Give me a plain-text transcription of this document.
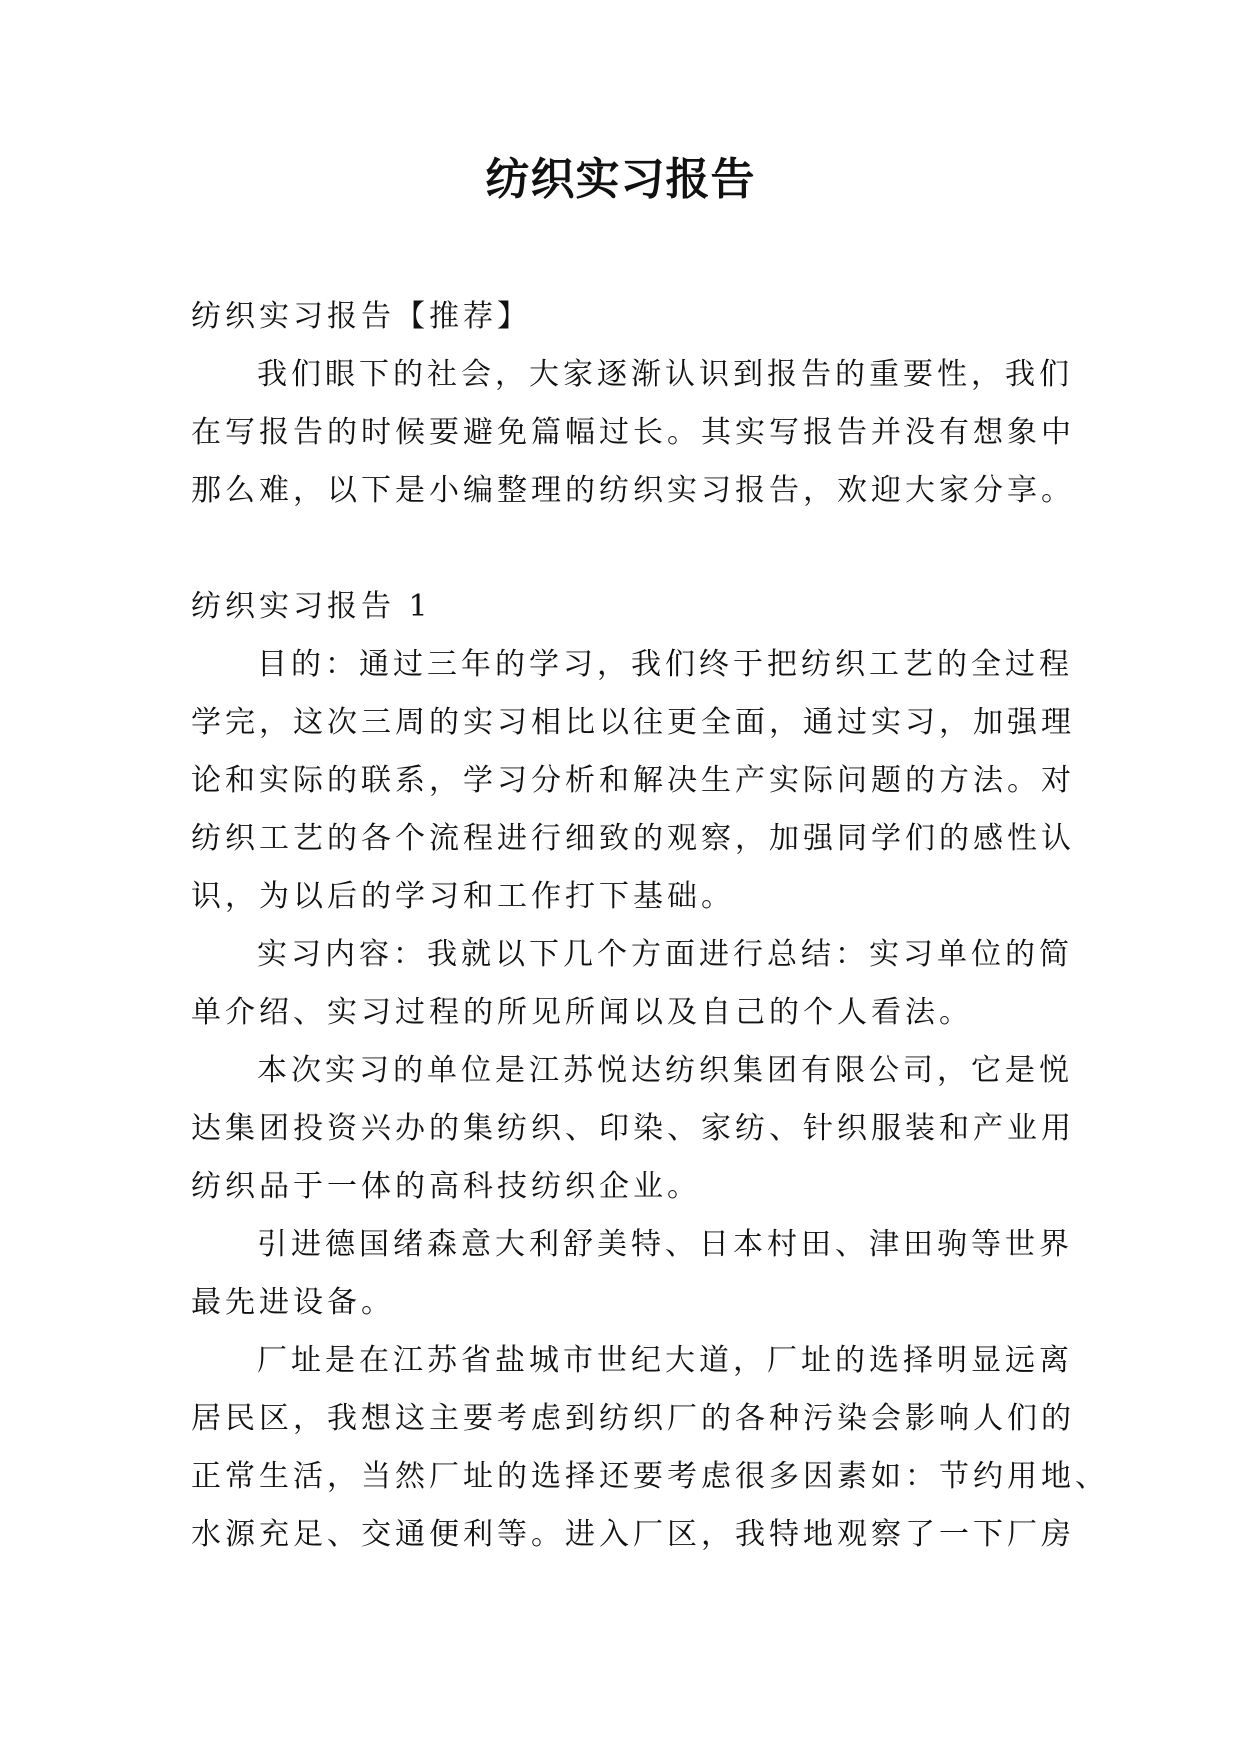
纺织实习报告
纺织实习报告【推荐】
我们眼下的社会，大家逐渐认识到报告的重要性，我们
在写报告的时候要避免篇幅过长。其实写报告并没有想象中
那么难，以下是小编整理的纺织实习报告，欢迎大家分享。
纺织实习报告 1
目的：通过三年的学习，我们终于把纺织工艺的全过程
学完，这次三周的实习相比以往更全面，通过实习，加强理
论和实际的联系，学习分析和解决生产实际问题的方法。对
纺织工艺的各个流程进行细致的观察，加强同学们的感性认
识，为以后的学习和工作打下基础。
实习内容：我就以下几个方面进行总结：实习单位的简
单介绍、实习过程的所见所闻以及自己的个人看法。
本次实习的单位是江苏悦达纺织集团有限公司，它是悦
达集团投资兴办的集纺织、印染、家纺、针织服装和产业用
纺织品于一体的高科技纺织企业。
引进德国绪森意大利舒美特、日本村田、津田驹等世界
最先进设备。
厂址是在江苏省盐城市世纪大道，厂址的选择明显远离
居民区，我想这主要考虑到纺织厂的各种污染会影响人们的
正常生活，当然厂址的选择还要考虑很多因素如：节约用地、
水源充足、交通便利等。进入厂区，我特地观察了一下厂房
